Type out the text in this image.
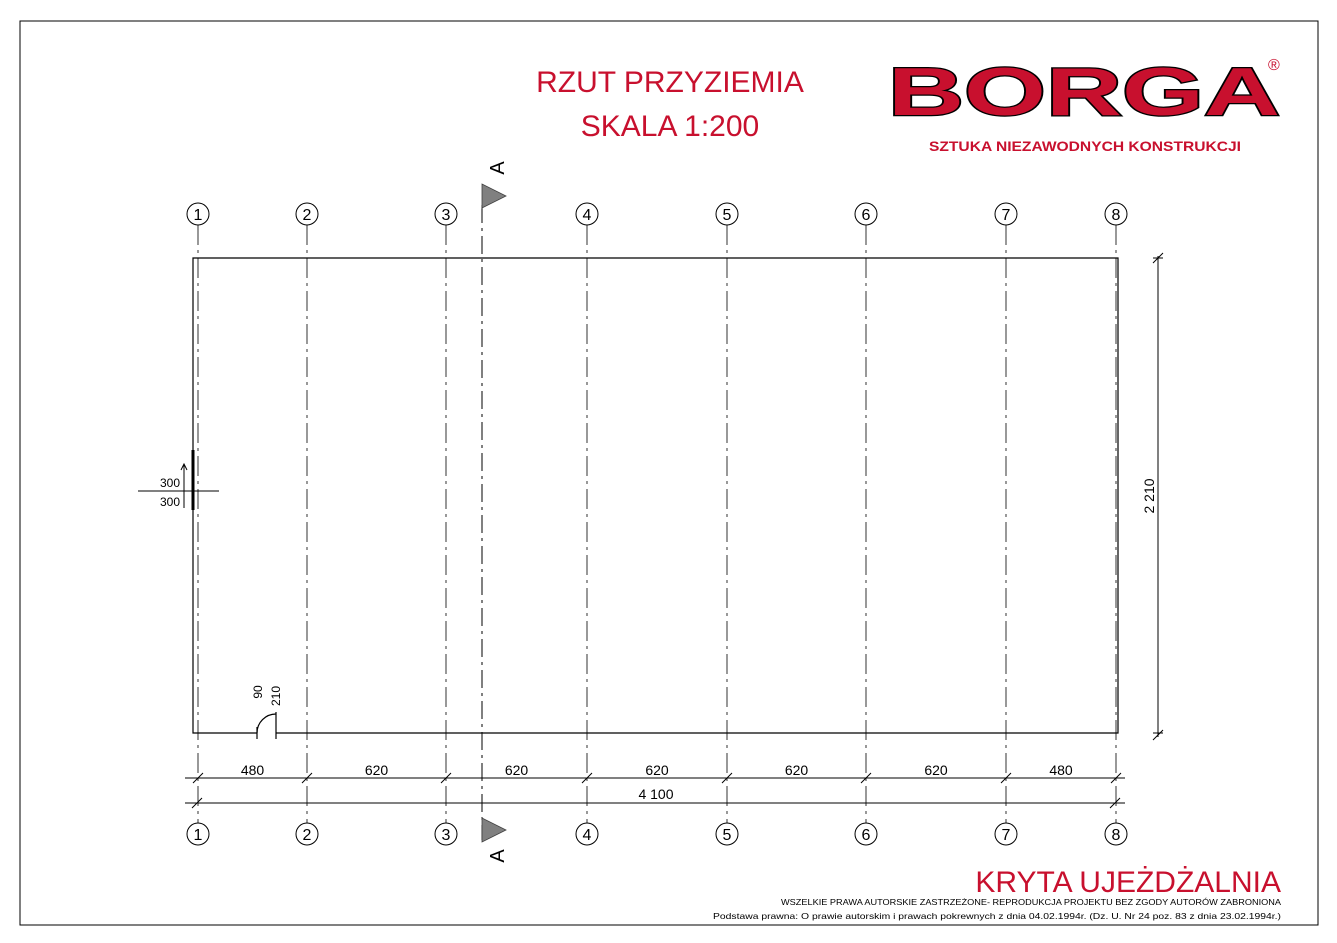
RZUT PRZYZIEMIA
SKALA 1:200 BORGA
®
SZTUKA NIEZAWODNYCH KONSTRUKCJI
1
1
2
2
3
3
4
4
5
5
6
6
7
7
8
8
A
A
90 210
300
300
480	620	620	620	620	620	480
4 100
2 210
KRYTA UJEŻDŻALNIA
WSZELKIE PRAWA AUTORSKIE ZASTRZEŻONE- REPRODUKCJA PROJEKTU BEZ ZGODY AUTORÓW ZABRONIONA
Podstawa prawna: O prawie autorskim i prawach pokrewnych z dnia 04.02.1994r. (Dz. U. Nr 24 poz. 83 z dnia 23.02.1994r.)
